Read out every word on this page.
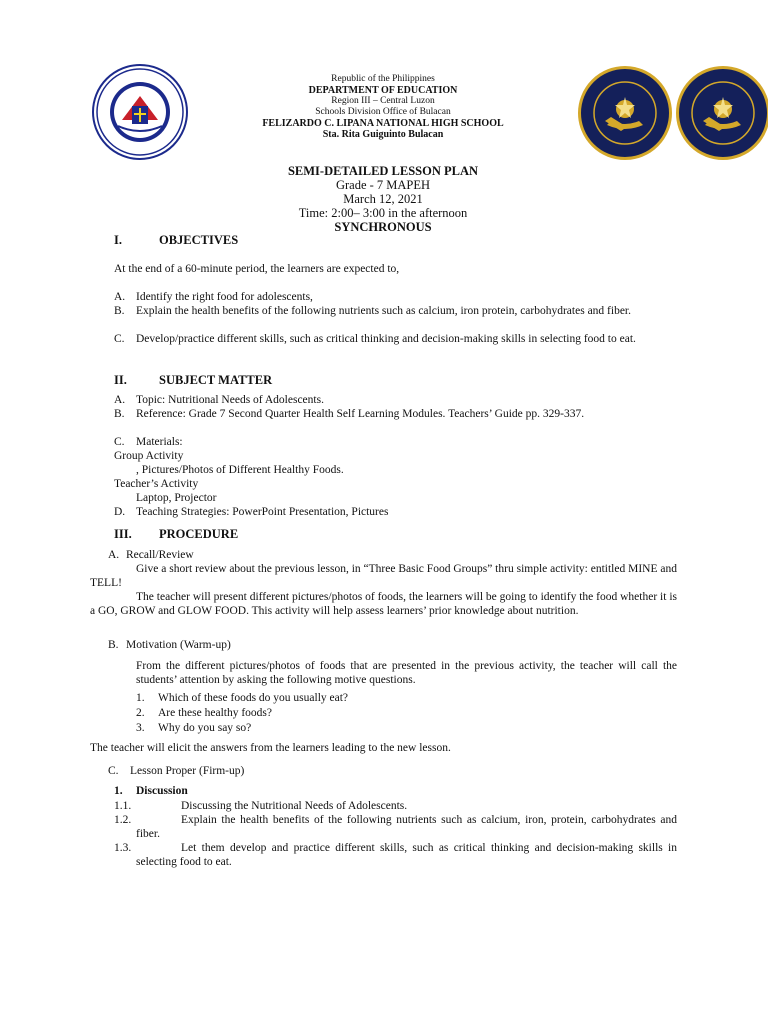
Republic of the Philippines
DEPARTMENT OF EDUCATION
Region III – Central Luzon
Schools Division Office of Bulacan
FELIZARDO C. LIPANA NATIONAL HIGH SCHOOL
Sta. Rita Guiguinto Bulacan
SEMI-DETAILED LESSON PLAN
Grade - 7 MAPEH
March 12, 2021
Time: 2:00– 3:00 in the afternoon
SYNCHRONOUS
I.	OBJECTIVES
At the end of a 60-minute period, the learners are expected to,
A. Identify the right food for adolescents,
B. Explain the health benefits of the following nutrients such as calcium, iron protein, carbohydrates and fiber.
C. Develop/practice different skills, such as critical thinking and decision-making skills in selecting food to eat.
II.	SUBJECT MATTER
A. Topic: Nutritional Needs of Adolescents.
B. Reference: Grade 7 Second Quarter Health Self Learning Modules. Teachers’ Guide pp. 329-337.
C. Materials:
Group Activity
, Pictures/Photos of Different Healthy Foods.
Teacher’s Activity
Laptop, Projector
D. Teaching Strategies: PowerPoint Presentation, Pictures
III. PROCEDURE
A. Recall/Review
Give a short review about the previous lesson, in “Three Basic Food Groups” thru simple activity: entitled MINE and TELL!
The teacher will present different pictures/photos of foods, the learners will be going to identify the food whether it is a GO, GROW and GLOW FOOD. This activity will help assess learners’ prior knowledge about nutrition.
B. Motivation (Warm-up)
From the different pictures/photos of foods that are presented in the previous activity, the teacher will call the students’ attention by asking the following motive questions.
1. Which of these foods do you usually eat?
2. Are these healthy foods?
3. Why do you say so?
The teacher will elicit the answers from the learners leading to the new lesson.
C. Lesson Proper (Firm-up)
1. Discussion
1.1.	Discussing the Nutritional Needs of Adolescents.
1.2.	Explain the health benefits of the following nutrients such as calcium, iron, protein, carbohydrates and fiber.
1.3.	Let them develop and practice different skills, such as critical thinking and decision-making skills in selecting food to eat.
